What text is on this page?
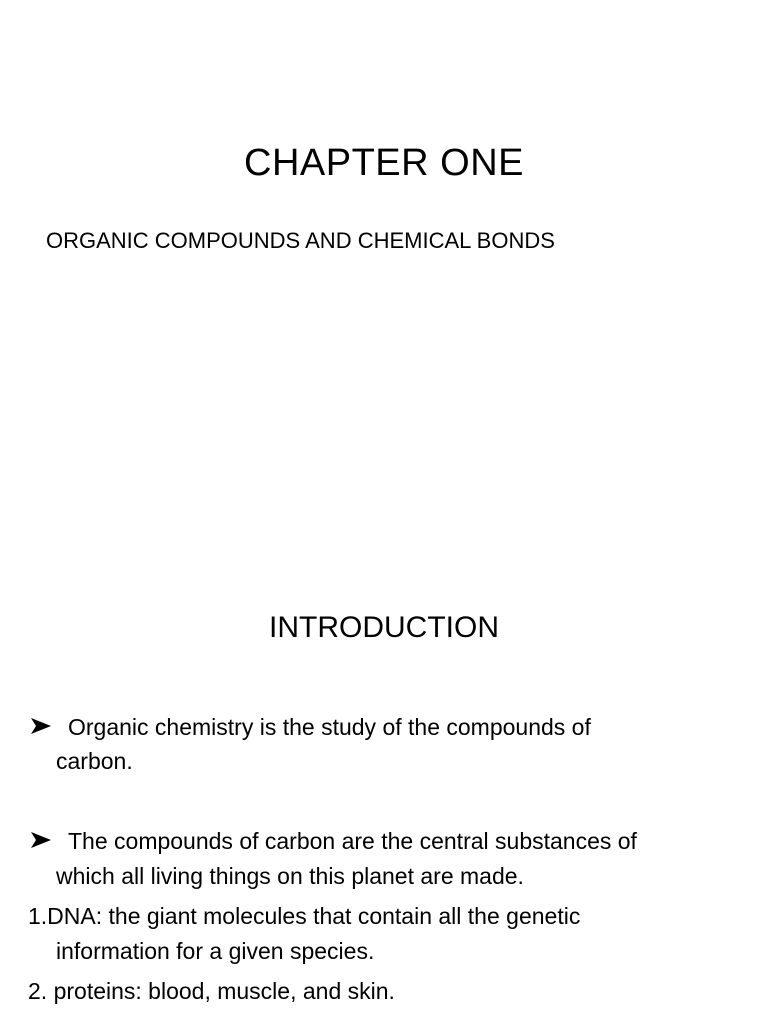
CHAPTER ONE
ORGANIC COMPOUNDS AND CHEMICAL BONDS
INTRODUCTION
Organic chemistry is the study of the compounds of
carbon.
The compounds of carbon are the central substances of
which all living things on this planet are made.
1.DNA: the giant molecules that contain all the genetic
information for a given species.
2. proteins: blood, muscle, and skin.
